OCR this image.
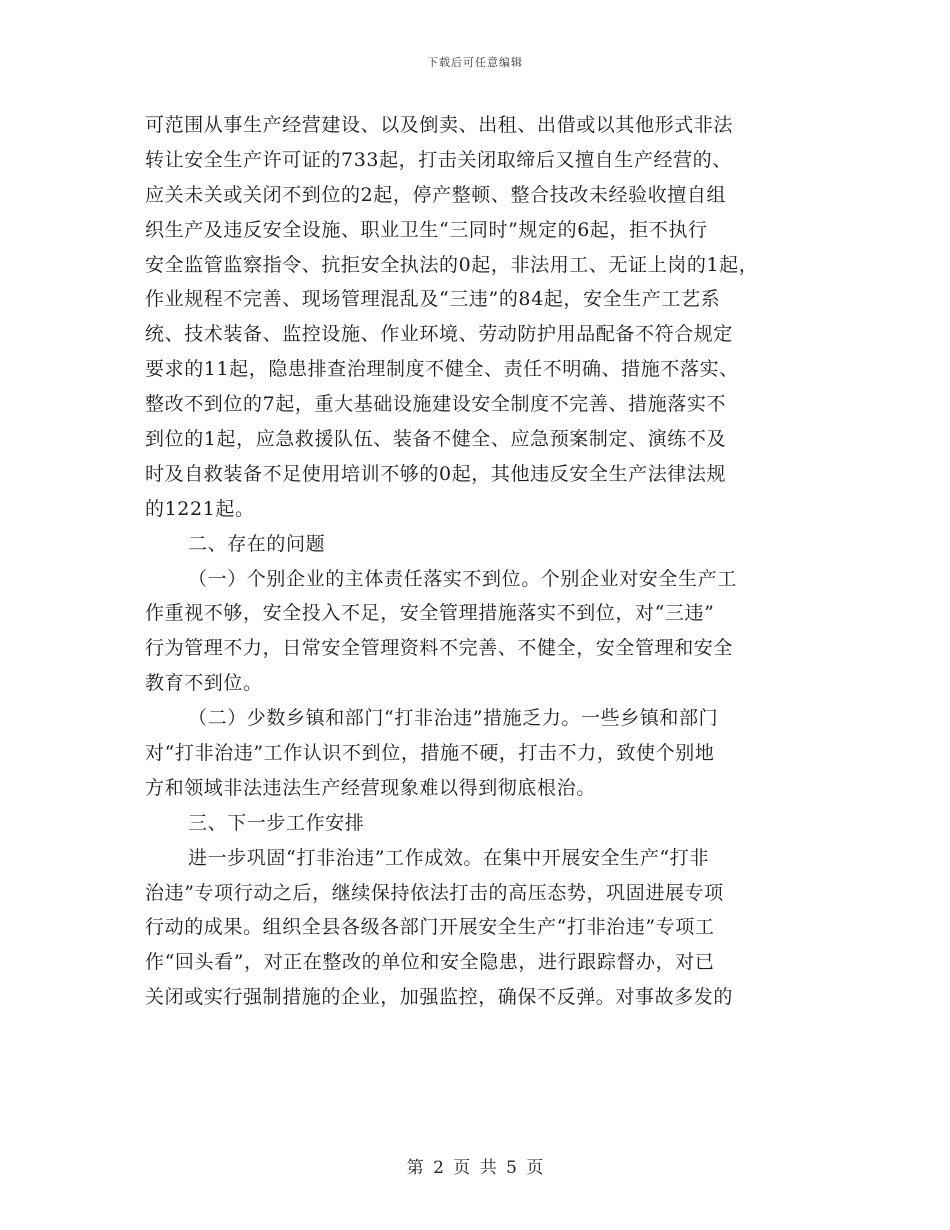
下载后可任意编辑
可范围从事生产经营建设、以及倒卖、出租、出借或以其他形式非法
转让安全生产许可证的733起，打击关闭取缔后又擅自生产经营的、
应关未关或关闭不到位的2起，停产整顿、整合技改未经验收擅自组
织生产及违反安全设施、职业卫生“三同时”规定的6起，拒不执行
安全监管监察指令、抗拒安全执法的0起，非法用工、无证上岗的1起，
作业规程不完善、现场管理混乱及“三违”的84起，安全生产工艺系
统、技术装备、监控设施、作业环境、劳动防护用品配备不符合规定
要求的11起，隐患排查治理制度不健全、责任不明确、措施不落实、
整改不到位的7起，重大基础设施建设安全制度不完善、措施落实不
到位的1起，应急救援队伍、装备不健全、应急预案制定、演练不及
时及自救装备不足使用培训不够的0起，其他违反安全生产法律法规
的1221起。
二、存在的问题
（一）个别企业的主体责任落实不到位。个别企业对安全生产工
作重视不够，安全投入不足，安全管理措施落实不到位，对“三违”
行为管理不力，日常安全管理资料不完善、不健全，安全管理和安全
教育不到位。
（二）少数乡镇和部门“打非治违”措施乏力。一些乡镇和部门
对“打非治违”工作认识不到位，措施不硬，打击不力，致使个别地
方和领域非法违法生产经营现象难以得到彻底根治。
三、下一步工作安排
进一步巩固“打非治违”工作成效。在集中开展安全生产“打非
治违”专项行动之后，继续保持依法打击的高压态势，巩固进展专项
行动的成果。组织全县各级各部门开展安全生产“打非治违”专项工
作“回头看”，对正在整改的单位和安全隐患，进行跟踪督办，对已
关闭或实行强制措施的企业，加强监控，确保不反弹。对事故多发的
第 2 页 共 5 页
